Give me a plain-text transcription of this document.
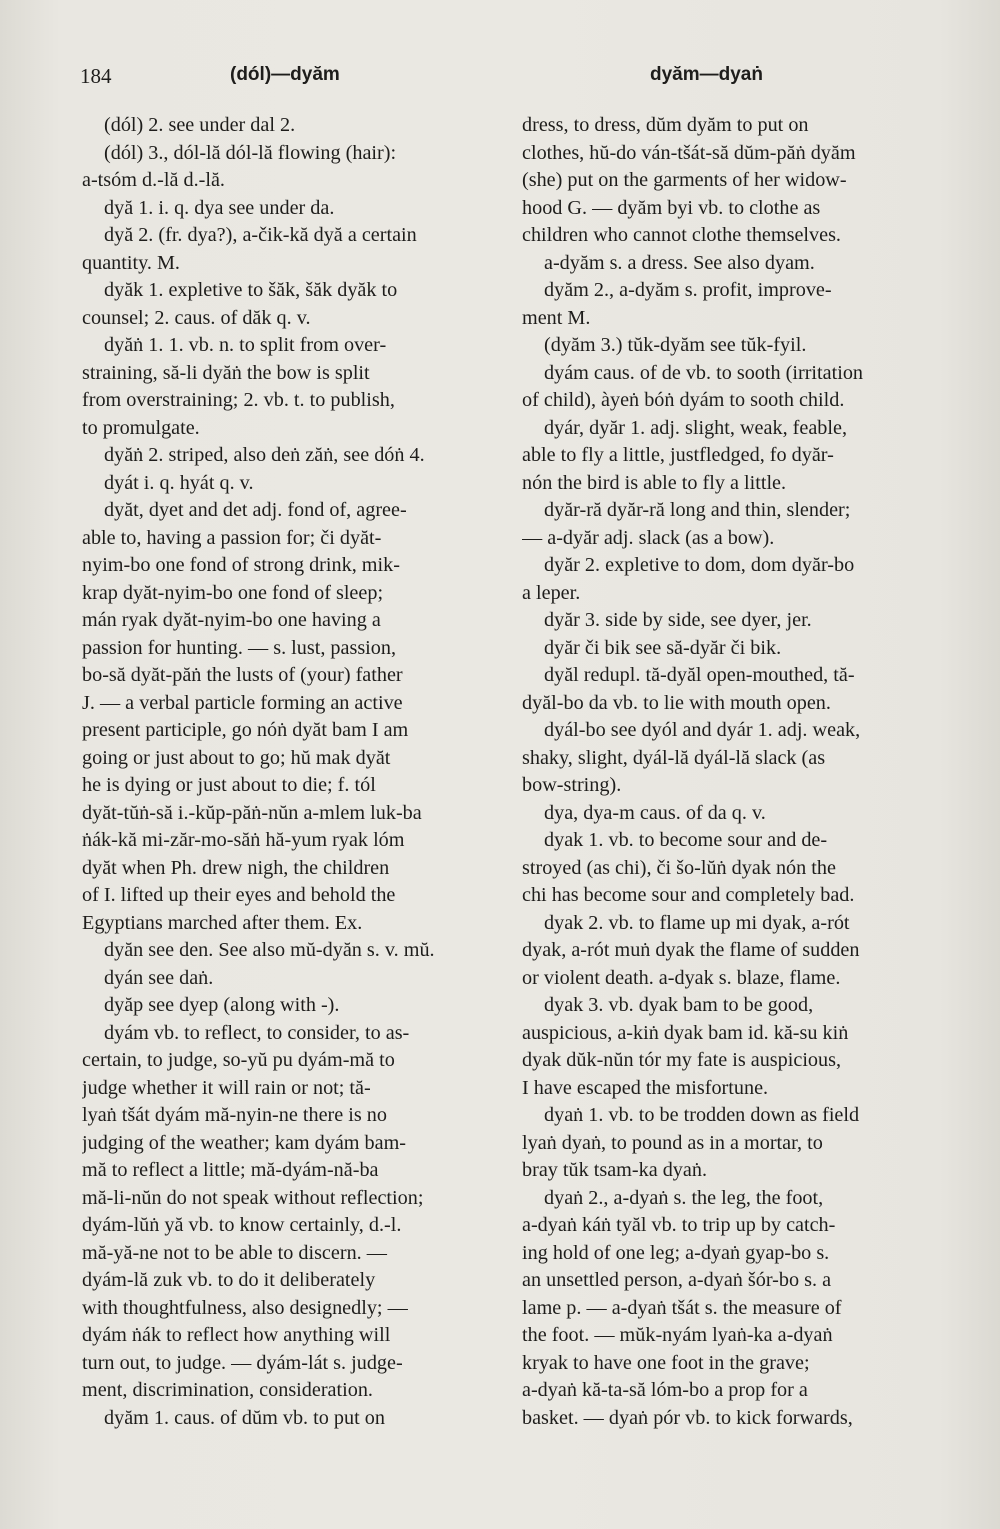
184	(dól)—dyăm	dyăm—dyaṅ
(dól) 2. see under dal 2.
(dól) 3., dól-lă dól-lă flowing (hair):
a-tsóm d.-lă d.-lă.
dyă 1. i. q. dya see under da.
dyă 2. (fr. dya?), a-čik-kă dyă a certain
quantity. M.
dyăk 1. expletive to šăk, šăk dyăk to
counsel; 2. caus. of dăk q. v.
dyăṅ 1. 1. vb. n. to split from over-
straining, să-li dyăṅ the bow is split
from overstraining; 2. vb. t. to publish,
to promulgate.
dyăṅ 2. striped, also deṅ zăṅ, see dóṅ 4.
dyát i. q. hyát q. v.
dyăt, dyet and det adj. fond of, agree-
able to, having a passion for; či dyăt-
nyim-bo one fond of strong drink, mik-
krap dyăt-nyim-bo one fond of sleep;
mán ryak dyăt-nyim-bo one having a
passion for hunting. — s. lust, passion,
bo-să dyăt-păṅ the lusts of (your) father
J. — a verbal particle forming an active
present participle, go nóṅ dyăt bam I am
going or just about to go; hŭ mak dyăt
he is dying or just about to die; f. tól
dyăt-tŭṅ-să i.-kŭp-păṅ-nŭn a-mlem luk-ba
ṅák-kă mi-zăr-mo-săṅ hă-yum ryak lóm
dyăt when Ph. drew nigh, the children
of I. lifted up their eyes and behold the
Egyptians marched after them. Ex.
dyăn see den. See also mŭ-dyăn s. v. mŭ.
dyán see daṅ.
dyăp see dyep (along with -).
dyám vb. to reflect, to consider, to as-
certain, to judge, so-yŭ pu dyám-mă to
judge whether it will rain or not; tă-
lyaṅ tšát dyám mă-nyin-ne there is no
judging of the weather; kam dyám bam-
mă to reflect a little; mă-dyám-nă-ba
mă-li-nŭn do not speak without reflection;
dyám-lŭṅ yă vb. to know certainly, d.-l.
mă-yă-ne not to be able to discern. —
dyám-lă zuk vb. to do it deliberately
with thoughtfulness, also designedly; —
dyám ṅák to reflect how anything will
turn out, to judge. — dyám-lát s. judge-
ment, discrimination, consideration.
dyăm 1. caus. of dŭm vb. to put on
dress, to dress, dŭm dyăm to put on
clothes, hŭ-do ván-tšát-să dŭm-păṅ dyăm
(she) put on the garments of her widow-
hood G. — dyăm byi vb. to clothe as
children who cannot clothe themselves.
a-dyăm s. a dress. See also dyam.
dyăm 2., a-dyăm s. profit, improve-
ment M.
(dyăm 3.) tŭk-dyăm see tŭk-fyil.
dyám caus. of de vb. to sooth (irritation
of child), àyeṅ bóṅ dyám to sooth child.
dyár, dyăr 1. adj. slight, weak, feable,
able to fly a little, justfledged, fo dyăr-
nón the bird is able to fly a little.
dyăr-ră dyăr-ră long and thin, slender;
— a-dyăr adj. slack (as a bow).
dyăr 2. expletive to dom, dom dyăr-bo
a leper.
dyăr 3. side by side, see dyer, jer.
dyăr či bik see să-dyăr či bik.
dyăl redupl. tă-dyăl open-mouthed, tă-
dyăl-bo da vb. to lie with mouth open.
dyál-bo see dyól and dyár 1. adj. weak,
shaky, slight, dyál-lă dyál-lă slack (as
bow-string).
dya, dya-m caus. of da q. v.
dyak 1. vb. to become sour and de-
stroyed (as chi), či šo-lŭṅ dyak nón the
chi has become sour and completely bad.
dyak 2. vb. to flame up mi dyak, a-rót
dyak, a-rót muṅ dyak the flame of sudden
or violent death. a-dyak s. blaze, flame.
dyak 3. vb. dyak bam to be good,
auspicious, a-kiṅ dyak bam id. kă-su kiṅ
dyak dŭk-nŭn tór my fate is auspicious,
I have escaped the misfortune.
dyaṅ 1. vb. to be trodden down as field
lyaṅ dyaṅ, to pound as in a mortar, to
bray tŭk tsam-ka dyaṅ.
dyaṅ 2., a-dyaṅ s. the leg, the foot,
a-dyaṅ káṅ tyăl vb. to trip up by catch-
ing hold of one leg; a-dyaṅ gyap-bo s.
an unsettled person, a-dyaṅ šór-bo s. a
lame p. — a-dyaṅ tšát s. the measure of
the foot. — mŭk-nyám lyaṅ-ka a-dyaṅ
kryak to have one foot in the grave;
a-dyaṅ kă-ta-să lóm-bo a prop for a
basket. — dyaṅ pór vb. to kick forwards,
